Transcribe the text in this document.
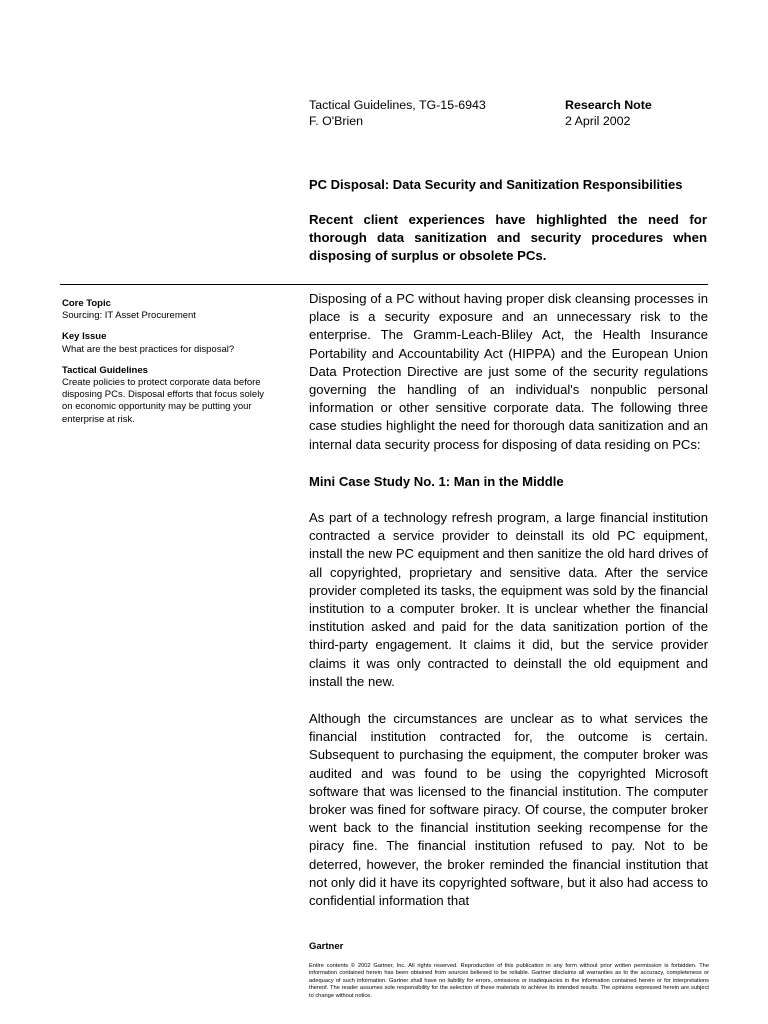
Tactical Guidelines, TG-15-6943
F. O'Brien
Research Note
2 April 2002
PC Disposal: Data Security and Sanitization Responsibilities
Recent client experiences have highlighted the need for thorough data sanitization and security procedures when disposing of surplus or obsolete PCs.
Core Topic
Sourcing: IT Asset Procurement
Key Issue
What are the best practices for disposal?
Tactical Guidelines
Create policies to protect corporate data before disposing PCs. Disposal efforts that focus solely on economic opportunity may be putting your enterprise at risk.

Disposing of a PC without having proper disk cleansing processes in place is a security exposure and an unnecessary risk to the enterprise. The Gramm-Leach-Bliley Act, the Health Insurance Portability and Accountability Act (HIPPA) and the European Union Data Protection Directive are just some of the security regulations governing the handling of an individual's nonpublic personal information or other sensitive corporate data. The following three case studies highlight the need for thorough data sanitization and an internal data security process for disposing of data residing on PCs:

Mini Case Study No. 1: Man in the Middle

As part of a technology refresh program, a large financial institution contracted a service provider to deinstall its old PC equipment, install the new PC equipment and then sanitize the old hard drives of all copyrighted, proprietary and sensitive data. After the service provider completed its tasks, the equipment was sold by the financial institution to a computer broker. It is unclear whether the financial institution asked and paid for the data sanitization portion of the third-party engagement. It claims it did, but the service provider claims it was only contracted to deinstall the old equipment and install the new.

Although the circumstances are unclear as to what services the financial institution contracted for, the outcome is certain. Subsequent to purchasing the equipment, the computer broker was audited and was found to be using the copyrighted Microsoft software that was licensed to the financial institution. The computer broker was fined for software piracy. Of course, the computer broker went back to the financial institution seeking recompense for the piracy fine. The financial institution refused to pay. Not to be deterred, however, the broker reminded the financial institution that not only did it have its copyrighted software, but it also had access to confidential information that

Gartner
Entire contents © 2002 Gartner, Inc. All rights reserved. Reproduction of this publication in any form without prior written permission is forbidden. The information contained herein has been obtained from sources believed to be reliable. Gartner disclaims all warranties as to the accuracy, completeness or adequacy of such information. Gartner shall have no liability for errors, omissions or inadequacies in the information contained herein or for interpretations thereof. The reader assumes sole responsibility for the selection of these materials to achieve its intended results. The opinions expressed herein are subject to change without notice.
